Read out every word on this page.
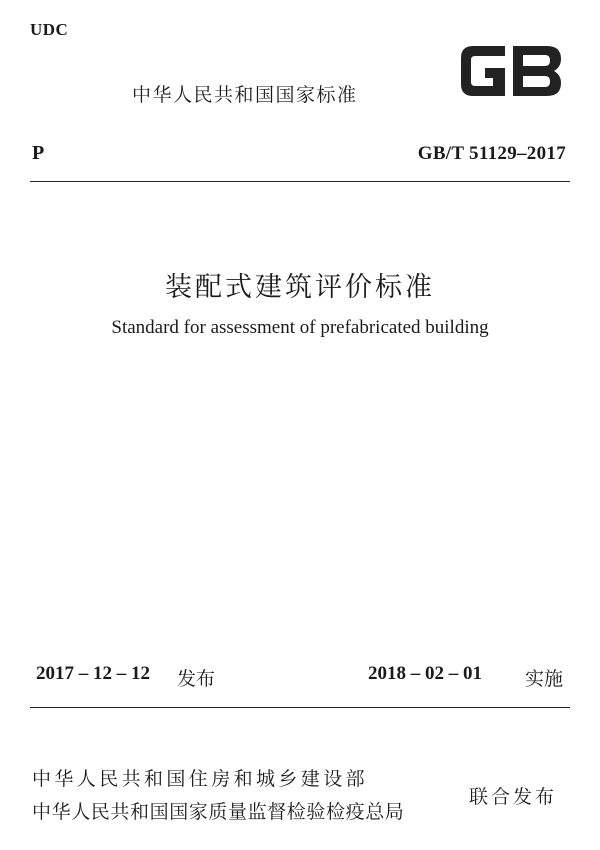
UDC
中华人民共和国国家标准
P	GB/T 51129–2017
装配式建筑评价标准
Standard for assessment of prefabricated building
2017 – 12 – 12 发布	2018 – 02 – 01 实施
中华人民共和国住房和城乡建设部
中华人民共和国国家质量监督检验检疫总局
联合发布
